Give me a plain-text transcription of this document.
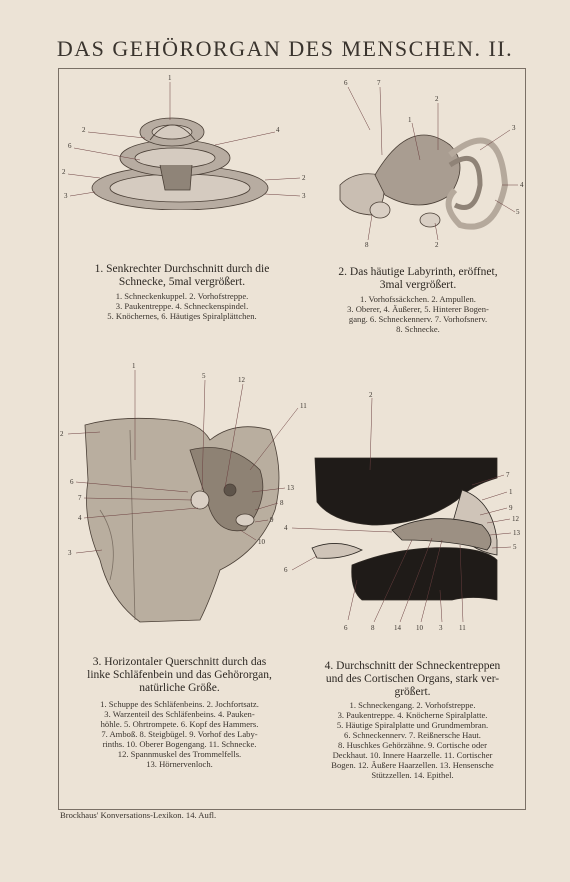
DAS GEHÖRORGAN DES MENSCHEN. II.
1
2
6
2
3
4
2
3
6	7
2
1
3
4
5
8	2
1. Senkrechter Durchschnitt durch die
Schnecke, 5mal vergrößert.
1. Schneckenkuppel. 2. Vorhofstreppe.
3. Paukentreppe. 4. Schneckenspindel.
5. Knöchernes, 6. Häutiges Spiralplättchen.
2. Das häutige Labyrinth, eröffnet,
3mal vergrößert.
1. Vorhofssäckchen. 2. Ampullen.
3. Oberer, 4. Äußerer, 5. Hinterer Bogen-
gang. 6. Schneckennerv. 7. Vorhofsnerv.
8. Schnecke.
1
5	12
11
2
6
7
4
3
13
8
9
10
2
7
1
9
12
13
5
4
6
6	8	14 10 3 11
3. Horizontaler Querschnitt durch das
linke Schläfenbein und das Gehörorgan,
natürliche Größe.
1. Schuppe des Schläfenbeins. 2. Jochfortsatz.
3. Warzenteil des Schläfenbeins. 4. Pauken-
höhle. 5. Ohrtrompete. 6. Kopf des Hammers.
7. Amboß. 8. Steigbügel. 9. Vorhof des Laby-
rinths. 10. Oberer Bogengang. 11. Schnecke.
12. Spannmuskel des Trommelfells.
13. Hörnervenloch.
4. Durchschnitt der Schneckentreppen
und des Cortischen Organs, stark ver-
größert.
1. Schneckengang. 2. Vorhofstreppe.
3. Paukentreppe. 4. Knöcherne Spiralplatte.
5. Häutige Spiralplatte und Grundmembran.
6. Schneckennerv. 7. Reißnersche Haut.
8. Huschkes Gehörzähne. 9. Cortische oder
Deckhaut. 10. Innere Haarzelle. 11. Cortischer
Bogen. 12. Äußere Haarzellen. 13. Hensensche
Stützzellen. 14. Epithel.
Brockhaus' Konversations-Lexikon. 14. Aufl.
